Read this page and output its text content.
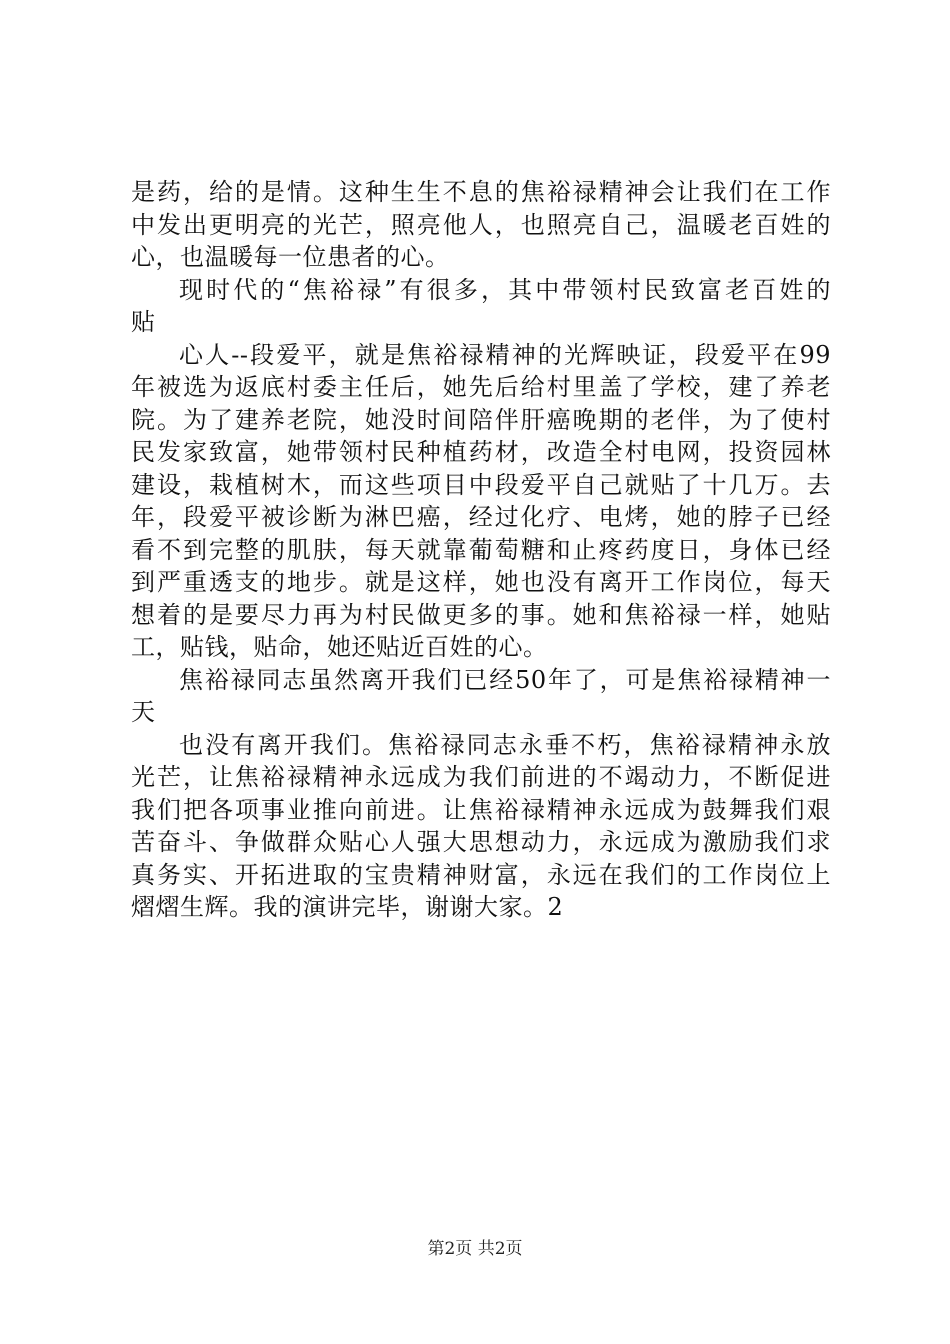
是药，给的是情。这种生生不息的焦裕禄精神会让我们在工作
中发出更明亮的光芒，照亮他人，也照亮自己，温暖老百姓的
心，也温暖每一位患者的心。
现时代的“焦裕禄”有很多，其中带领村民致富老百姓的
贴
心人--段爱平，就是焦裕禄精神的光辉映证，段爱平在99
年被选为返底村委主任后，她先后给村里盖了学校，建了养老
院。为了建养老院，她没时间陪伴肝癌晚期的老伴，为了使村
民发家致富，她带领村民种植药材，改造全村电网，投资园林
建设，栽植树木，而这些项目中段爱平自己就贴了十几万。去
年，段爱平被诊断为淋巴癌，经过化疗、电烤，她的脖子已经
看不到完整的肌肤，每天就靠葡萄糖和止疼药度日，身体已经
到严重透支的地步。就是这样，她也没有离开工作岗位，每天
想着的是要尽力再为村民做更多的事。她和焦裕禄一样，她贴
工，贴钱，贴命，她还贴近百姓的心。
焦裕禄同志虽然离开我们已经50年了，可是焦裕禄精神一
天
也没有离开我们。焦裕禄同志永垂不朽，焦裕禄精神永放
光芒，让焦裕禄精神永远成为我们前进的不竭动力，不断促进
我们把各项事业推向前进。让焦裕禄精神永远成为鼓舞我们艰
苦奋斗、争做群众贴心人强大思想动力，永远成为激励我们求
真务实、开拓进取的宝贵精神财富，永远在我们的工作岗位上
熠熠生辉。我的演讲完毕，谢谢大家。2
第2页 共2页
